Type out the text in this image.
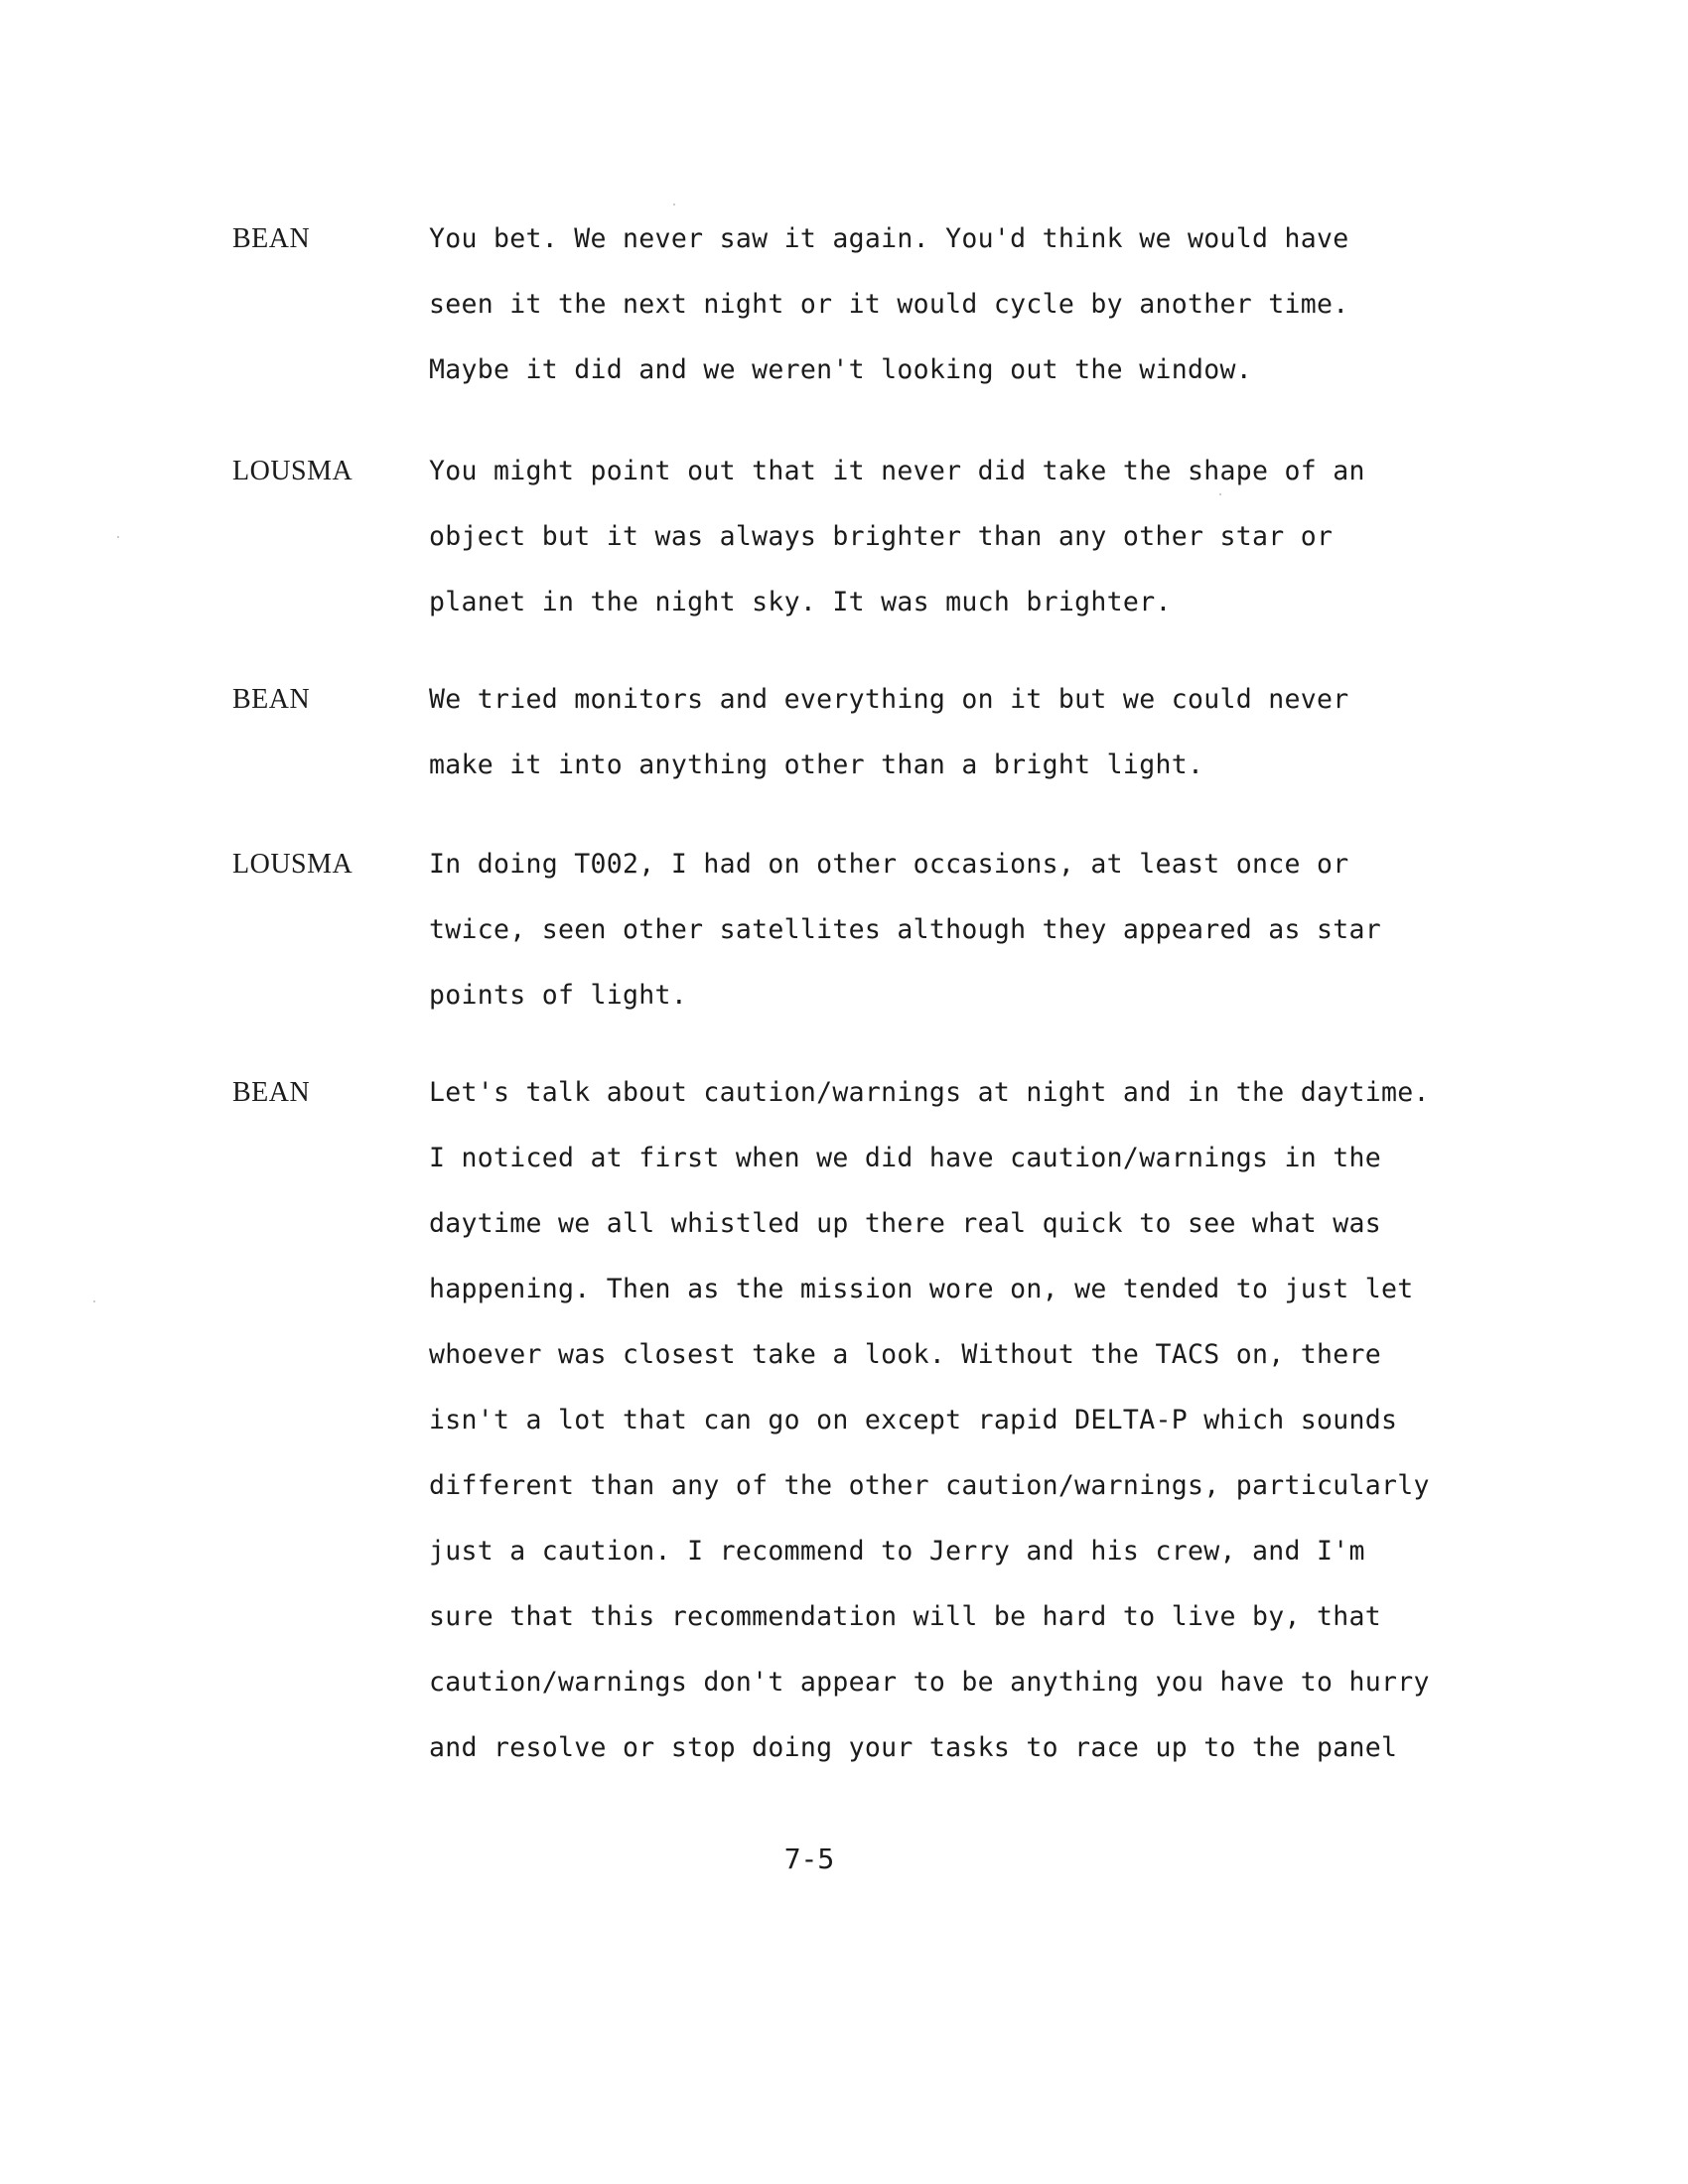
BEAN	You bet. We never saw it again. You'd think we would have
seen it the next night or it would cycle by another time.
Maybe it did and we weren't looking out the window.
LOUSMA	You might point out that it never did take the shape of an
object but it was always brighter than any other star or
planet in the night sky. It was much brighter.
BEAN	We tried monitors and everything on it but we could never
make it into anything other than a bright light.
LOUSMA	In doing T002, I had on other occasions, at least once or
twice, seen other satellites although they appeared as star
points of light.
BEAN	Let's talk about caution/warnings at night and in the daytime.
I noticed at first when we did have caution/warnings in the
daytime we all whistled up there real quick to see what was
happening. Then as the mission wore on, we tended to just let
whoever was closest take a look. Without the TACS on, there
isn't a lot that can go on except rapid DELTA-P which sounds
different than any of the other caution/warnings, particularly
just a caution. I recommend to Jerry and his crew, and I'm
sure that this recommendation will be hard to live by, that
caution/warnings don't appear to be anything you have to hurry
and resolve or stop doing your tasks to race up to the panel
7-5
